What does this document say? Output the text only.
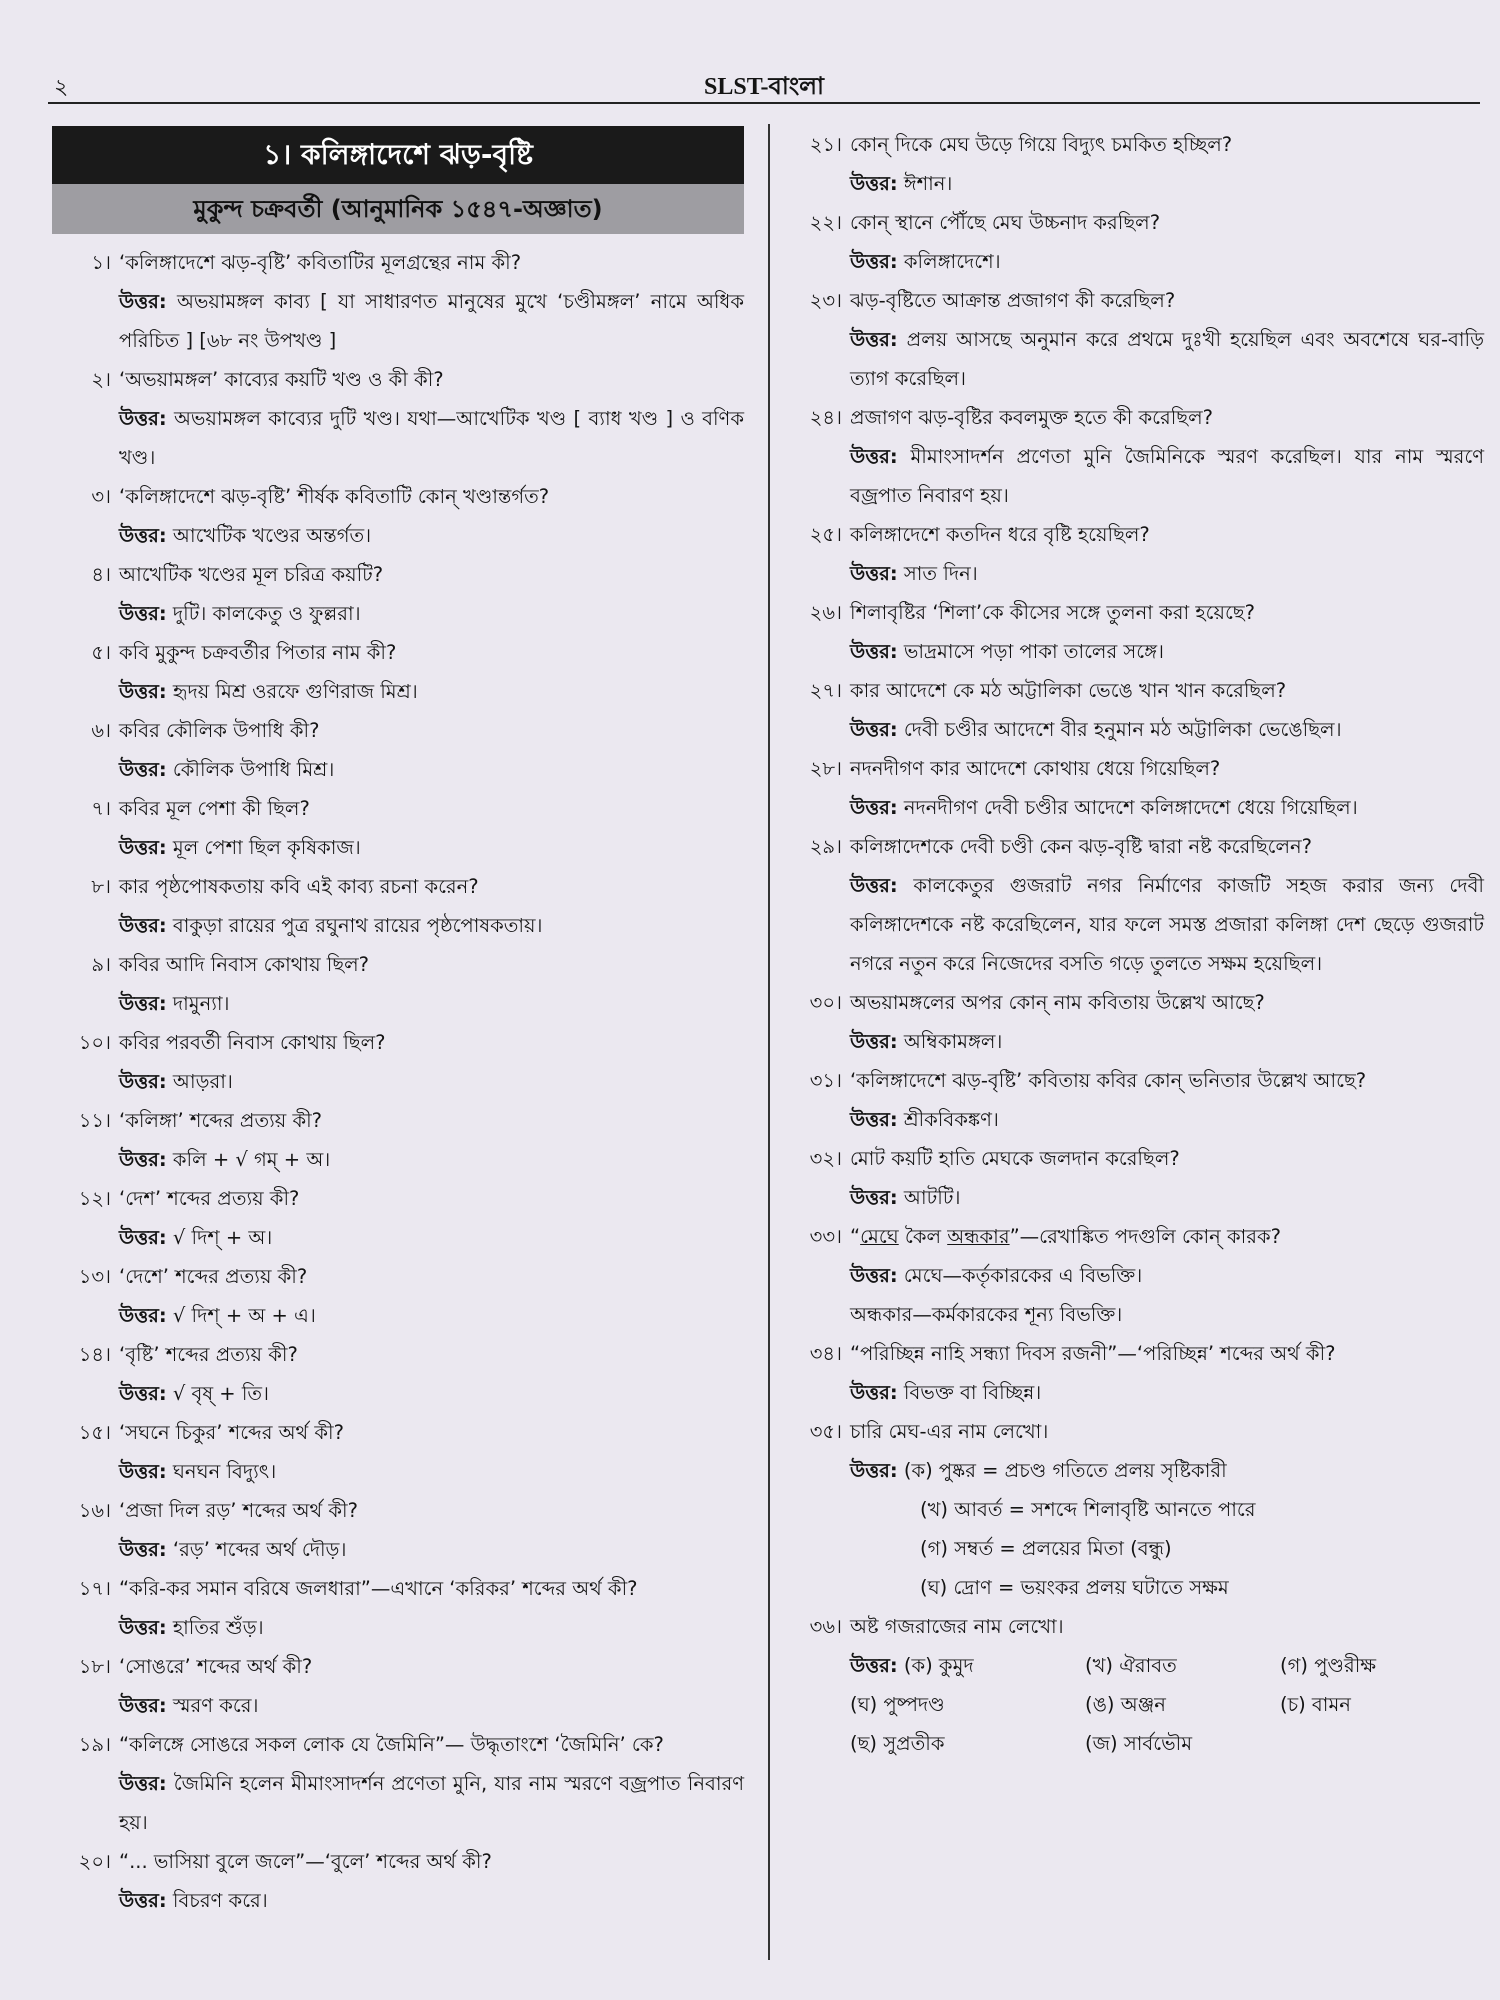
২	SLST-বাংলা
১। কলিঙ্গাদেশে ঝড়-বৃষ্টি
মুকুন্দ চক্রবর্তী (আনুমানিক ১৫৪৭-অজ্ঞাত)
১। ‘কলিঙ্গাদেশে ঝড়-বৃষ্টি’ কবিতাটির মূলগ্রন্থের নাম কী?
উত্তর: অভয়ামঙ্গল কাব্য [ যা সাধারণত মানুষের মুখে ‘চণ্ডীমঙ্গল’ নামে অধিক পরিচিত ] [৬৮ নং উপখণ্ড ]
২। ‘অভয়ামঙ্গল’ কাব্যের কয়টি খণ্ড ও কী কী?
উত্তর: অভয়ামঙ্গল কাব্যের দুটি খণ্ড। যথা—আখেটিক খণ্ড [ ব্যাধ খণ্ড ] ও বণিক খণ্ড।
৩। ‘কলিঙ্গাদেশে ঝড়-বৃষ্টি’ শীর্ষক কবিতাটি কোন্ খণ্ডান্তর্গত?
উত্তর: আখেটিক খণ্ডের অন্তর্গত।
৪। আখেটিক খণ্ডের মূল চরিত্র কয়টি?
উত্তর: দুটি। কালকেতু ও ফুল্লরা।
৫। কবি মুকুন্দ চক্রবর্তীর পিতার নাম কী?
উত্তর: হৃদয় মিশ্র ওরফে গুণিরাজ মিশ্র।
৬। কবির কৌলিক উপাধি কী?
উত্তর: কৌলিক উপাধি মিশ্র।
৭। কবির মূল পেশা কী ছিল?
উত্তর: মূল পেশা ছিল কৃষিকাজ।
৮। কার পৃষ্ঠপোষকতায় কবি এই কাব্য রচনা করেন?
উত্তর: বাকুড়া রায়ের পুত্র রঘুনাথ রায়ের পৃষ্ঠপোষকতায়।
৯। কবির আদি নিবাস কোথায় ছিল?
উত্তর: দামুন্যা।
১০। কবির পরবর্তী নিবাস কোথায় ছিল?
উত্তর: আড়রা।
১১। ‘কলিঙ্গা’ শব্দের প্রত্যয় কী?
উত্তর: কলি + √ গম্ + অ।
১২। ‘দেশ’ শব্দের প্রত্যয় কী?
উত্তর: √ দিশ্ + অ।
১৩। ‘দেশে’ শব্দের প্রত্যয় কী?
উত্তর: √ দিশ্ + অ + এ।
১৪। ‘বৃষ্টি’ শব্দের প্রত্যয় কী?
উত্তর: √ বৃষ্ + তি।
১৫। ‘সঘনে চিকুর’ শব্দের অর্থ কী?
উত্তর: ঘনঘন বিদ্যুৎ।
১৬। ‘প্রজা দিল রড়’ শব্দের অর্থ কী?
উত্তর: ‘রড়’ শব্দের অর্থ দৌড়।
১৭। “করি-কর সমান বরিষে জলধারা”—এখানে ‘করিকর’ শব্দের অর্থ কী?
উত্তর: হাতির শুঁড়।
১৮। ‘সোঙরে’ শব্দের অর্থ কী?
উত্তর: স্মরণ করে।
১৯। “কলিঙ্গে সোঙরে সকল লোক যে জৈমিনি”— উদ্ধৃতাংশে ‘জৈমিনি’ কে?
উত্তর: জৈমিনি হলেন মীমাংসাদর্শন প্রণেতা মুনি, যার নাম স্মরণে বজ্রপাত নিবারণ হয়।
২০। “... ভাসিয়া বুলে জলে”—‘বুলে’ শব্দের অর্থ কী?
উত্তর: বিচরণ করে।
২১। কোন্ দিকে মেঘ উড়ে গিয়ে বিদ্যুৎ চমকিত হচ্ছিল?
উত্তর: ঈশান।
২২। কোন্ স্থানে পৌঁছে মেঘ উচ্চনাদ করছিল?
উত্তর: কলিঙ্গাদেশে।
২৩। ঝড়-বৃষ্টিতে আক্রান্ত প্রজাগণ কী করেছিল?
উত্তর: প্রলয় আসছে অনুমান করে প্রথমে দুঃখী হয়েছিল এবং অবশেষে ঘর-বাড়ি ত্যাগ করেছিল।
২৪। প্রজাগণ ঝড়-বৃষ্টির কবলমুক্ত হতে কী করেছিল?
উত্তর: মীমাংসাদর্শন প্রণেতা মুনি জৈমিনিকে স্মরণ করেছিল। যার নাম স্মরণে বজ্রপাত নিবারণ হয়।
২৫। কলিঙ্গাদেশে কতদিন ধরে বৃষ্টি হয়েছিল?
উত্তর: সাত দিন।
২৬। শিলাবৃষ্টির ‘শিলা’কে কীসের সঙ্গে তুলনা করা হয়েছে?
উত্তর: ভাদ্রমাসে পড়া পাকা তালের সঙ্গে।
২৭। কার আদেশে কে মঠ অট্টালিকা ভেঙে খান খান করেছিল?
উত্তর: দেবী চণ্ডীর আদেশে বীর হনুমান মঠ অট্টালিকা ভেঙেছিল।
২৮। নদনদীগণ কার আদেশে কোথায় ধেয়ে গিয়েছিল?
উত্তর: নদনদীগণ দেবী চণ্ডীর আদেশে কলিঙ্গাদেশে ধেয়ে গিয়েছিল।
২৯। কলিঙ্গাদেশকে দেবী চণ্ডী কেন ঝড়-বৃষ্টি দ্বারা নষ্ট করেছিলেন?
উত্তর: কালকেতুর গুজরাট নগর নির্মাণের কাজটি সহজ করার জন্য দেবী কলিঙ্গাদেশকে নষ্ট করেছিলেন, যার ফলে সমস্ত প্রজারা কলিঙ্গা দেশ ছেড়ে গুজরাট নগরে নতুন করে নিজেদের বসতি গড়ে তুলতে সক্ষম হয়েছিল।
৩০। অভয়ামঙ্গলের অপর কোন্ নাম কবিতায় উল্লেখ আছে?
উত্তর: অম্বিকামঙ্গল।
৩১। ‘কলিঙ্গাদেশে ঝড়-বৃষ্টি’ কবিতায় কবির কোন্ ভনিতার উল্লেখ আছে?
উত্তর: শ্রীকবিকঙ্কণ।
৩২। মোট কয়টি হাতি মেঘকে জলদান করেছিল?
উত্তর: আটটি।
৩৩। “মেঘে কৈল অন্ধকার”—রেখাঙ্কিত পদগুলি কোন্ কারক?
উত্তর: মেঘে—কর্তৃকারকের এ বিভক্তি।
অন্ধকার—কর্মকারকের শূন্য বিভক্তি।
৩৪। “পরিচ্ছিন্ন নাহি সন্ধ্যা দিবস রজনী”—‘পরিচ্ছিন্ন’ শব্দের অর্থ কী?
উত্তর: বিভক্ত বা বিচ্ছিন্ন।
৩৫। চারি মেঘ-এর নাম লেখো।
উত্তর: (ক) পুষ্কর = প্রচণ্ড গতিতে প্রলয় সৃষ্টিকারী
(খ) আবর্ত = সশব্দে শিলাবৃষ্টি আনতে পারে
(গ) সম্বর্ত = প্রলয়ের মিতা (বন্ধু)
(ঘ) দ্রোণ = ভয়ংকর প্রলয় ঘটাতে সক্ষম
৩৬। অষ্ট গজরাজের নাম লেখো।
উত্তর: (ক) কুমুদ	(খ) ঐরাবত	(গ) পুণ্ডরীক্ষ
(ঘ) পুষ্পদণ্ড	(ঙ) অঞ্জন	(চ) বামন
(ছ) সুপ্রতীক	(জ) সার্বভৌম
